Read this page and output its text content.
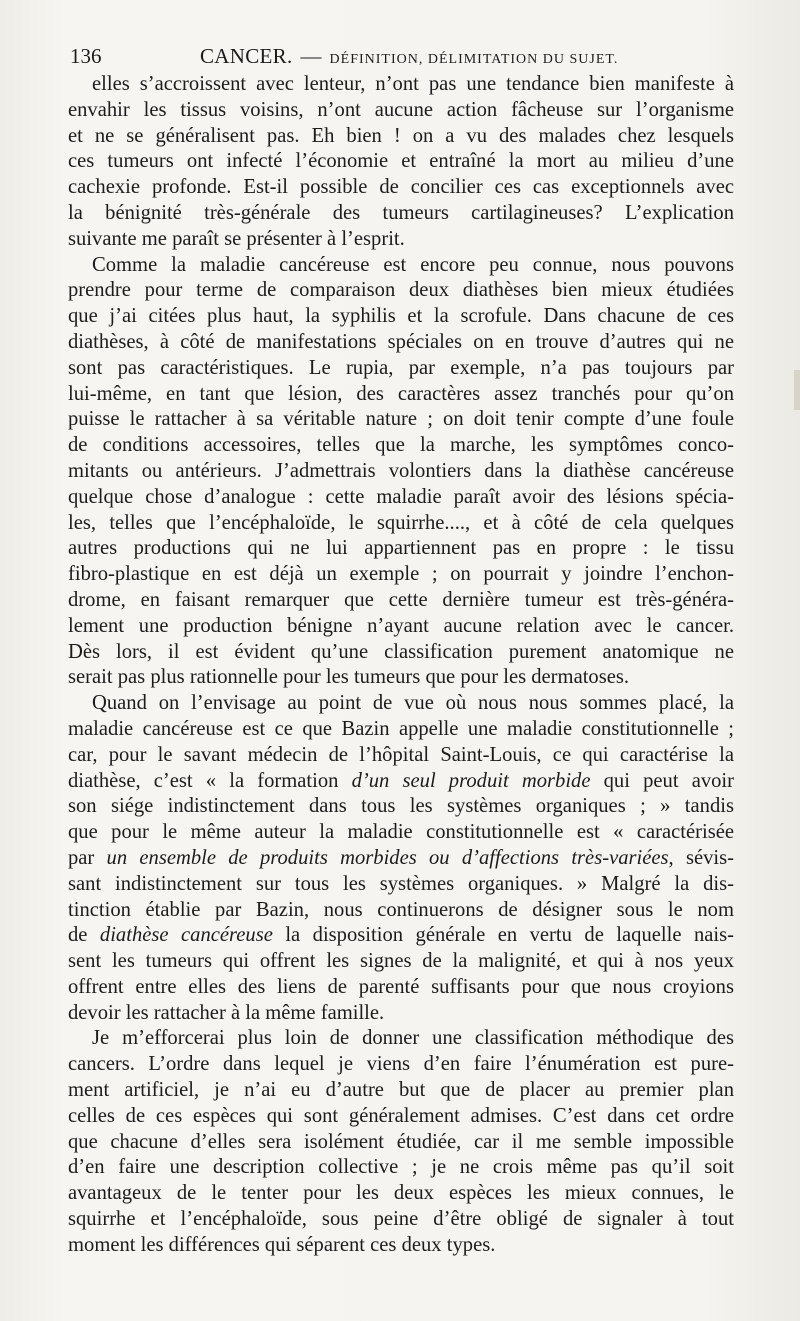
136	CANCER. — DÉFINITION, DÉLIMITATION DU SUJET.

elles s’accroissent avec lenteur, n’ont pas une tendance bien manifeste à
envahir les tissus voisins, n’ont aucune action fâcheuse sur l’organisme
et ne se généralisent pas. Eh bien ! on a vu des malades chez lesquels
ces tumeurs ont infecté l’économie et entraîné la mort au milieu d’une
cachexie profonde. Est-il possible de concilier ces cas exceptionnels avec
la bénignité très-générale des tumeurs cartilagineuses? L’explication
suivante me paraît se présenter à l’esprit.

Comme la maladie cancéreuse est encore peu connue, nous pouvons
prendre pour terme de comparaison deux diathèses bien mieux étudiées
que j’ai citées plus haut, la syphilis et la scrofule. Dans chacune de ces
diathèses, à côté de manifestations spéciales on en trouve d’autres qui ne
sont pas caractéristiques. Le rupia, par exemple, n’a pas toujours par
lui-même, en tant que lésion, des caractères assez tranchés pour qu’on
puisse le rattacher à sa véritable nature ; on doit tenir compte d’une foule
de conditions accessoires, telles que la marche, les symptômes conco-
mitants ou antérieurs. J’admettrais volontiers dans la diathèse cancéreuse
quelque chose d’analogue : cette maladie paraît avoir des lésions spécia-
les, telles que l’encéphaloïde, le squirrhe...., et à côté de cela quelques
autres productions qui ne lui appartiennent pas en propre : le tissu
fibro-plastique en est déjà un exemple ; on pourrait y joindre l’enchon-
drome, en faisant remarquer que cette dernière tumeur est très-généra-
lement une production bénigne n’ayant aucune relation avec le cancer.
Dès lors, il est évident qu’une classification purement anatomique ne
serait pas plus rationnelle pour les tumeurs que pour les dermatoses.

Quand on l’envisage au point de vue où nous nous sommes placé, la
maladie cancéreuse est ce que Bazin appelle une maladie constitutionnelle ;
car, pour le savant médecin de l’hôpital Saint-Louis, ce qui caractérise la
diathèse, c’est « la formation d’un seul produit morbide qui peut avoir
son siége indistinctement dans tous les systèmes organiques ; » tandis
que pour le même auteur la maladie constitutionnelle est « caractérisée
par un ensemble de produits morbides ou d’affections très-variées, sévis-
sant indistinctement sur tous les systèmes organiques. » Malgré la dis-
tinction établie par Bazin, nous continuerons de désigner sous le nom
de diathèse cancéreuse la disposition générale en vertu de laquelle nais-
sent les tumeurs qui offrent les signes de la malignité, et qui à nos yeux
offrent entre elles des liens de parenté suffisants pour que nous croyions
devoir les rattacher à la même famille.

Je m’efforcerai plus loin de donner une classification méthodique des
cancers. L’ordre dans lequel je viens d’en faire l’énumération est pure-
ment artificiel, je n’ai eu d’autre but que de placer au premier plan
celles de ces espèces qui sont généralement admises. C’est dans cet ordre
que chacune d’elles sera isolément étudiée, car il me semble impossible
d’en faire une description collective ; je ne crois même pas qu’il soit
avantageux de le tenter pour les deux espèces les mieux connues, le
squirrhe et l’encéphaloïde, sous peine d’être obligé de signaler à tout
moment les différences qui séparent ces deux types.
